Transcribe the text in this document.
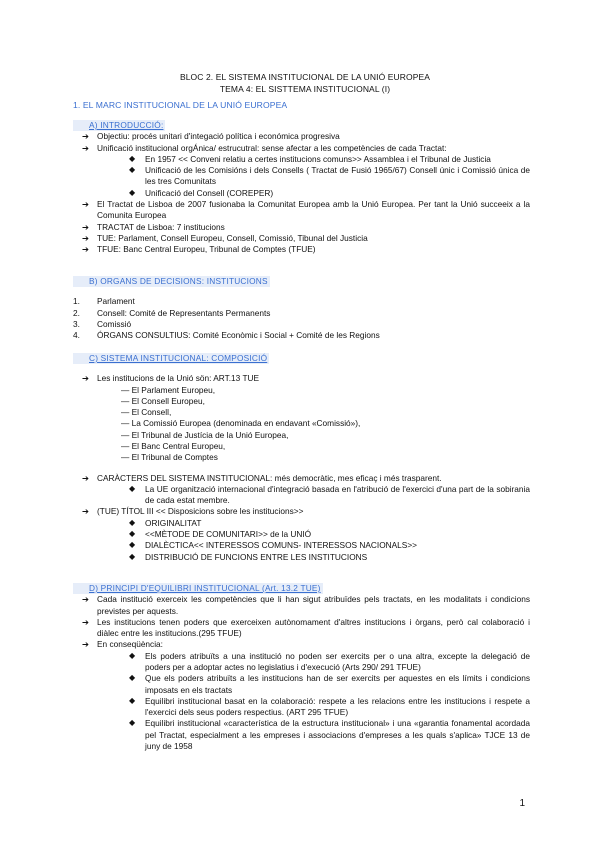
BLOC 2. EL SISTEMA INSTITUCIONAL DE LA UNIÓ EUROPEA
TEMA 4: EL SISTTEMA INSTITUCIONAL (I)
1. EL MARC INSTITUCIONAL DE LA UNIÓ EUROPEA
A) INTRODUCCIÓ:
➔ Objectiu: procés unitari d'integació política i económica progresiva
➔ Unificació institucional orgÁnica/ estrucutral: sense afectar a les competències de cada Tractat:
◆ En 1957 << Conveni relatiu a certes institucions comuns>> Assamblea i el Tribunal de Justicia
◆ Unificació de les Comisións i dels Consells ( Tractat de Fusió 1965/67) Consell únic i Comissió única de les tres Comunitats
◆ Unificació del Consell (COREPER)
➔ El Tractat de Lisboa de 2007 fusionaba la Comunitat Europea amb la Unió Europea. Per tant la Unió succeeix a la Comunita Europea
➔ TRACTAT de Lisboa: 7 institucions
➔ TUE: Parlament, Consell Europeu, Consell, Comissió, Tibunal del Justicia
➔ TFUE: Banc Central Europeu, Tribunal de Comptes (TFUE)
B) ORGANS DE DECISIONS: INSTITUCIONS
1. Parlament
2. Consell: Comité de Representants Permanents
3. Comissió
4. ÓRGANS CONSULTIUS: Comité Econòmic i Social + Comité de les Regions
C) SISTEMA INSTITUCIONAL: COMPOSICIÓ
➔ Les institucions de la Unió sön: ART.13 TUE
— El Parlament Europeu,
— El Consell Europeu,
— El Consell,
— La Comissió Europea (denominada en endavant «Comissió»),
— El Tribunal de Justícia de la Unió Europea,
— El Banc Central Europeu,
— El Tribunal de Comptes
➔ CARÀCTERS DEL SISTEMA INSTITUCIONAL: més democràtic, mes eficaç i més trasparent.
◆ La UE organització internacional d'integració basada en l'atribució de l'exercici d'una part de la sobirania de cada estat membre.
➔ (TUE) TÍTOL III << Disposicions sobre les institucions>>
◆ ORIGINALITAT
◆ <<MÈTODE DE COMUNITARI>> de la UNIÓ
◆ DIALÈCTICA<< INTERESSOS COMUNS- INTERESSOS NACIONALS>>
◆ DISTRIBUCIÓ DE FUNCIONS ENTRE LES INSTITUCIONS
D) PRINCIPI D'EQUILIBRI INSTITUCIONAL (Art. 13.2 TUE)
➔ Cada institució exerceix les competències que li han sigut atribuïdes pels tractats, en les modalitats i condicions previstes per aquests.
➔ Les institucions tenen poders que exerceixen autònomament d'altres institucions i òrgans, però cal colaboració i diàlec entre les institucions.(295 TFUE)
➔ En conseqüència:
◆ Els poders atribuïts a una institució no poden ser exercits per o una altra, excepte la delegació de poders per a adoptar actes no legislatius i d'execució (Arts 290/ 291 TFUE)
◆ Que els poders atribuïts a les institucions han de ser exercits per aquestes en els límits i condicions imposats en els tractats
◆ Equilibri institucional basat en la colaboració: respete a les relacions entre les institucions i respete a l'exercici dels seus poders respectius. (ART 295 TFUE)
◆ Equilibri institucional «característica de la estructura institucional» i una «garantia fonamental acordada pel Tractat, especialment a les empreses i associacions d'empreses a les quals s'aplica» TJCE 13 de juny de 1958
1
